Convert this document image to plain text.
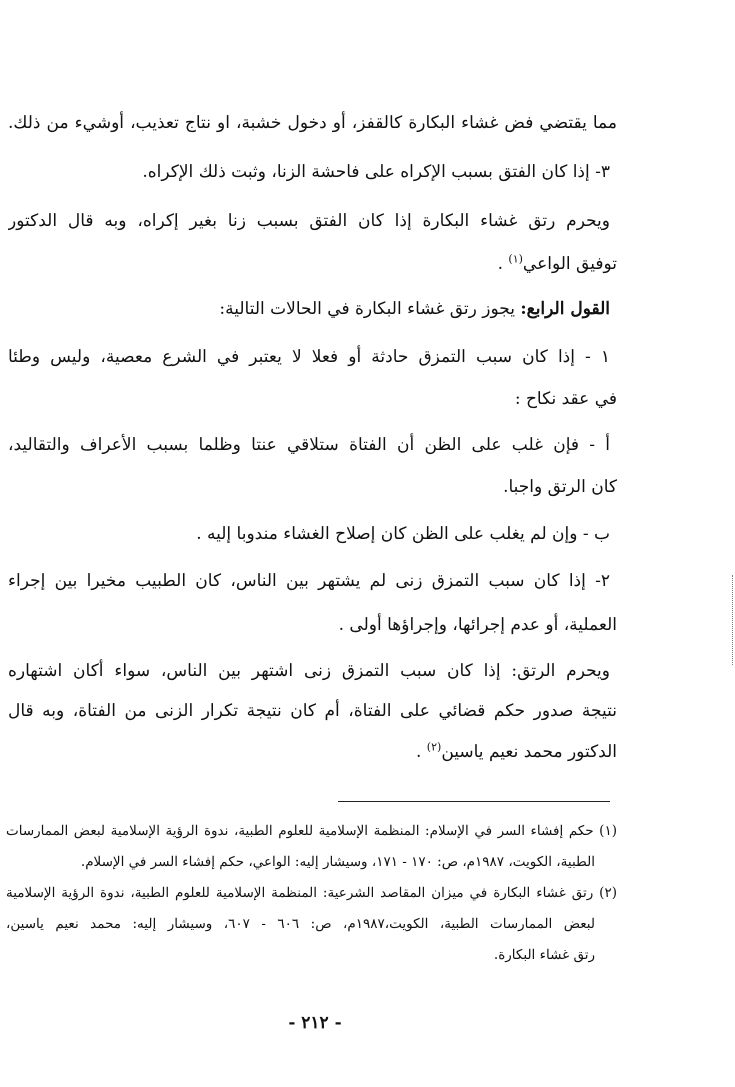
مما يقتضي فض غشاء البكارة كالقفز، أو دخول خشبة، او نتاج تعذيب، أوشيء من ذلك.
٣- إذا كان الفتق بسبب الإكراه على فاحشة الزنا، وثبت ذلك الإكراه.
ويحرم رتق غشاء البكارة إذا كان الفتق بسبب زنا بغير إكراه، وبه قال الدكتور
توفيق الواعي$^{(١)}$ .
القول الرابع: يجوز رتق غشاء البكارة في الحالات التالية:
١ - إذا كان سبب التمزق حادثة أو فعلا لا يعتبر في الشرع معصية، وليس وطئا
في عقد نكاح :
أ - فإن غلب على الظن أن الفتاة ستلاقي عنتا وظلما بسبب الأعراف والتقاليد،
كان الرتق واجبا.
ب - وإن لم يغلب على الظن كان إصلاح الغشاء مندوبا إليه .
٢- إذا كان سبب التمزق زنى لم يشتهر بين الناس، كان الطبيب مخيرا بين إجراء
العملية، أو عدم إجرائها، وإجراؤها أولى .
ويحرم الرتق: إذا كان سبب التمزق زنى اشتهر بين الناس، سواء أكان اشتهاره
نتيجة صدور حكم قضائي على الفتاة، أم كان نتيجة تكرار الزنى من الفتاة، وبه قال
الدكتور محمد نعيم ياسين$^{(٢)}$ .
(١) حكم إفشاء السر في الإسلام: المنظمة الإسلامية للعلوم الطبية، ندوة الرؤية الإسلامية لبعض الممارسات
الطبية، الكويت، ١٩٨٧م، ص: ١٧٠ - ١٧١، وسيشار إليه: الواعي، حكم إفشاء السر في الإسلام.
(٢) رتق غشاء البكارة في ميزان المقاصد الشرعية: المنظمة الإسلامية للعلوم الطبية، ندوة الرؤية الإسلامية
لبعض الممارسات الطبية، الكويت،١٩٨٧م، ص: ٦٠٦ - ٦٠٧، وسيشار إليه: محمد نعيم ياسين،
رتق غشاء البكارة.
- ٢١٢ -
